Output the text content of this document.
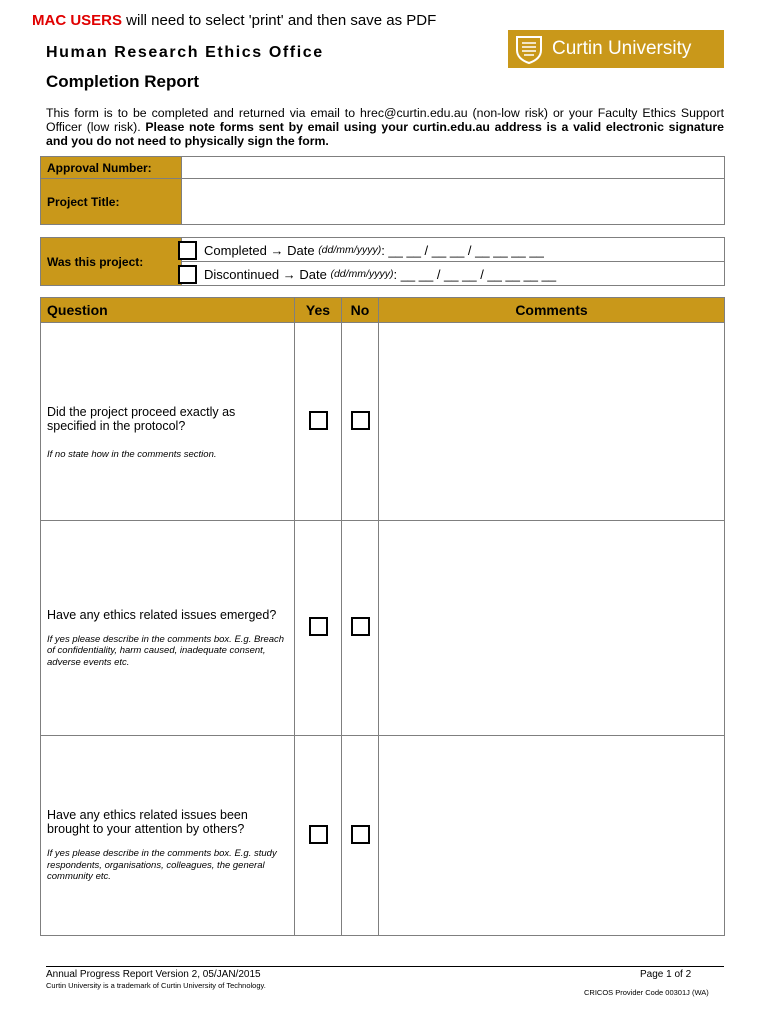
MAC USERS will need to select 'print' and then save as PDF
Human Research Ethics Office
Completion Report
Curtin University
This form is to be completed and returned via email to hrec@curtin.edu.au (non-low risk) or your Faculty Ethics Support Officer (low risk). Please note forms sent by email using your curtin.edu.au address is a valid electronic signature and you do not need to physically sign the form.
Approval Number:	
Project Title:	
Was this project:	

Completed → Date
(dd/mm/yyyy) : __ __ / __ __ / __ __ __ __
Discontinued → Date
(dd/mm/yyyy) : __ __ / __ __ / __ __ __ __
Question	Yes	No	Comments

Did the project proceed exactly as specified in the protocol?
If no state how in the comments section.			

Have any ethics related issues emerged?
If yes please describe in the comments box. E.g. Breach of confidentiality, harm caused, inadequate consent, adverse events etc.			

Have any ethics related issues been brought to your attention by others?
If yes please describe in the comments box. E.g. study respondents, organisations, colleagues, the general community etc.			

Annual Progress Report Version 2, 05/JAN/2015
Curtin University is a trademark of Curtin University of Technology.
Page 1 of 2
CRICOS Provider Code 00301J (WA)
